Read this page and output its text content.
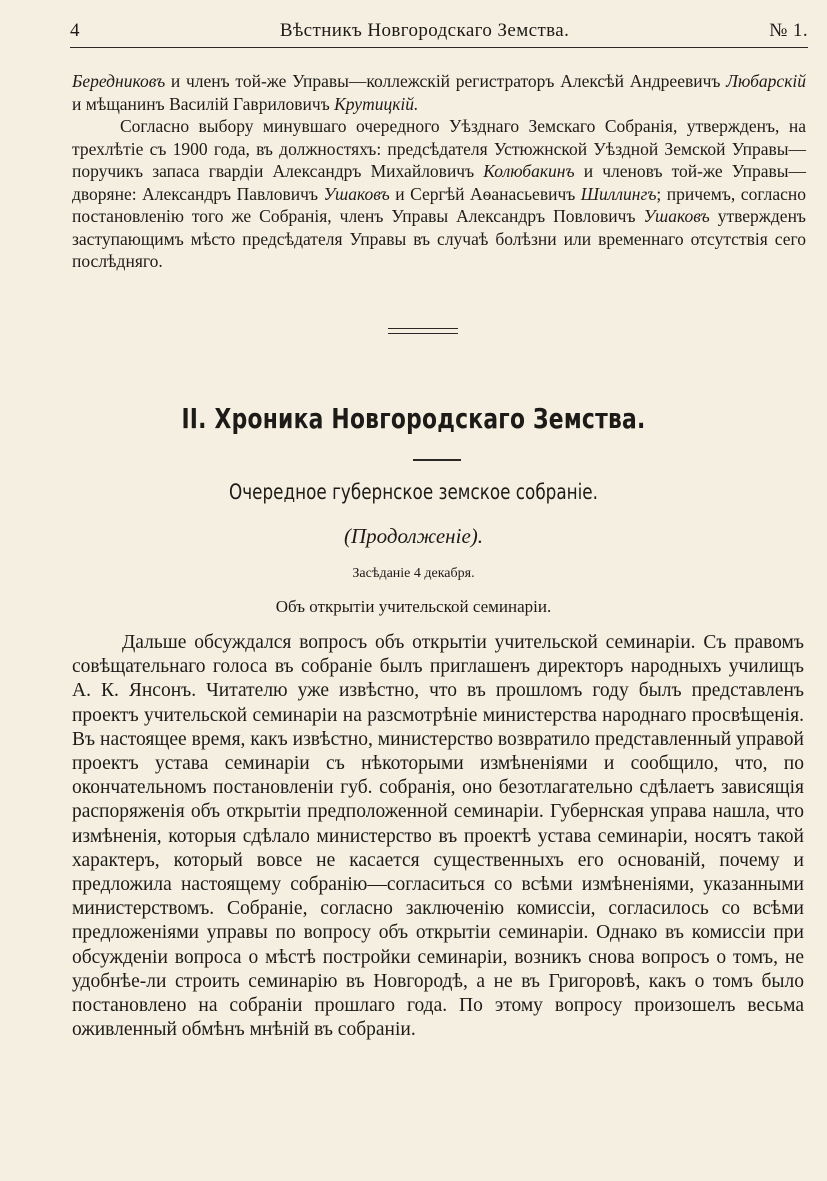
4	Вѣстникъ Новгородскаго Земства.	№ 1.

Бередниковъ и членъ той-же Управы—коллежскій регистраторъ Алексѣй Андреевичъ Любарскій и мѣщанинъ Василій Гавриловичъ Крутицкій.

Согласно выбору минувшаго очередного Уѣзднаго Земскаго Собранія, утвержденъ, на трехлѣтіе съ 1900 года, въ должностяхъ: предсѣдателя Устюжнской Уѣздной Земской Управы—поручикъ запаса гвардіи Александръ Михайловичъ Колюбакинъ и членовъ той-же Управы—дворяне: Александръ Павловичъ Ушаковъ и Сергѣй Аѳанасьевичъ Шиллингъ; причемъ, согласно постановленію того же Собранія, членъ Управы Александръ Повловичъ Ушаковъ утвержденъ заступающимъ мѣсто предсѣдателя Управы въ случаѣ болѣзни или временнаго отсутствія сего послѣдняго.

II. Хроника Новгородскаго Земства.
Очередное губернское земское собраніе.
(Продолженіе).
Засѣданіе 4 декабря.
Объ открытіи учительской семинаріи.

Дальше обсуждался вопросъ объ открытіи учительской семинаріи. Съ правомъ совѣщательнаго голоса въ собраніе былъ приглашенъ директоръ народныхъ училищъ А. К. Янсонъ. Читателю уже извѣстно, что въ прошломъ году былъ представленъ проектъ учительской семинаріи на разсмотрѣніе министерства народнаго просвѣщенія. Въ настоящее время, какъ извѣстно, министерство возвратило представленный управой проектъ устава семинаріи съ нѣкоторыми измѣненіями и сообщило, что, по окончательномъ постановленіи губ. собранія, оно безотлагательно сдѣлаетъ зависящія распоряженія объ открытіи предположенной семинаріи. Губернская управа нашла, что измѣненія, которыя сдѣлало министерство въ проектѣ устава семинаріи, носятъ такой характеръ, который вовсе не касается существенныхъ его основаній, почему и предложила настоящему собранію—согласиться со всѣми измѣненіями, указанными министерствомъ. Собраніе, согласно заключенію комиссіи, согласилось со всѣми предложеніями управы по вопросу объ открытіи семинаріи. Однако въ комиссіи при обсужденіи вопроса о мѣстѣ постройки семинаріи, возникъ снова вопросъ о томъ, не удобнѣе-ли строить семинарію въ Новгородѣ, а не въ Григоровѣ, какъ о томъ было постановлено на собраніи прошлаго года. По этому вопросу произошелъ весьма оживленный обмѣнъ мнѣній въ собраніи.
